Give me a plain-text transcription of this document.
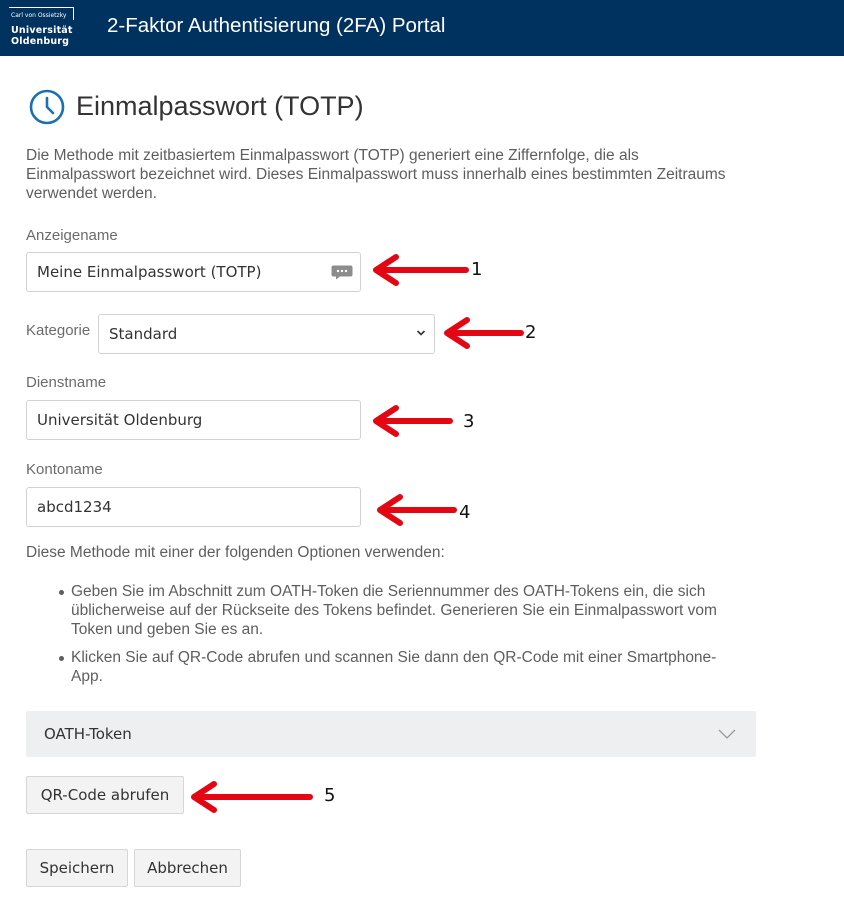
Carl von Ossietzky
Universität
Oldenburg
2-Faktor Authentisierung (2FA) Portal
Einmalpasswort (TOTP)
Die Methode mit zeitbasiertem Einmalpasswort (TOTP) generiert eine Ziffernfolge, die als Einmalpasswort bezeichnet wird. Dieses Einmalpasswort muss innerhalb eines bestimmten Zeitraums verwendet werden.
Anzeigename
Meine Einmalpasswort (TOTP)	1
Kategorie	Standard	2
Dienstname
Universität Oldenburg	3
Kontoname
abcd1234	4
Diese Methode mit einer der folgenden Optionen verwenden:
Geben Sie im Abschnitt zum OATH-Token die Seriennummer des OATH-Tokens ein, die sich üblicherweise auf der Rückseite des Tokens befindet. Generieren Sie ein Einmalpasswort vom Token und geben Sie es an.
Klicken Sie auf QR-Code abrufen und scannen Sie dann den QR-Code mit einer Smartphone-App.
OATH-Token
QR-Code abrufen	5
Speichern	Abbrechen
